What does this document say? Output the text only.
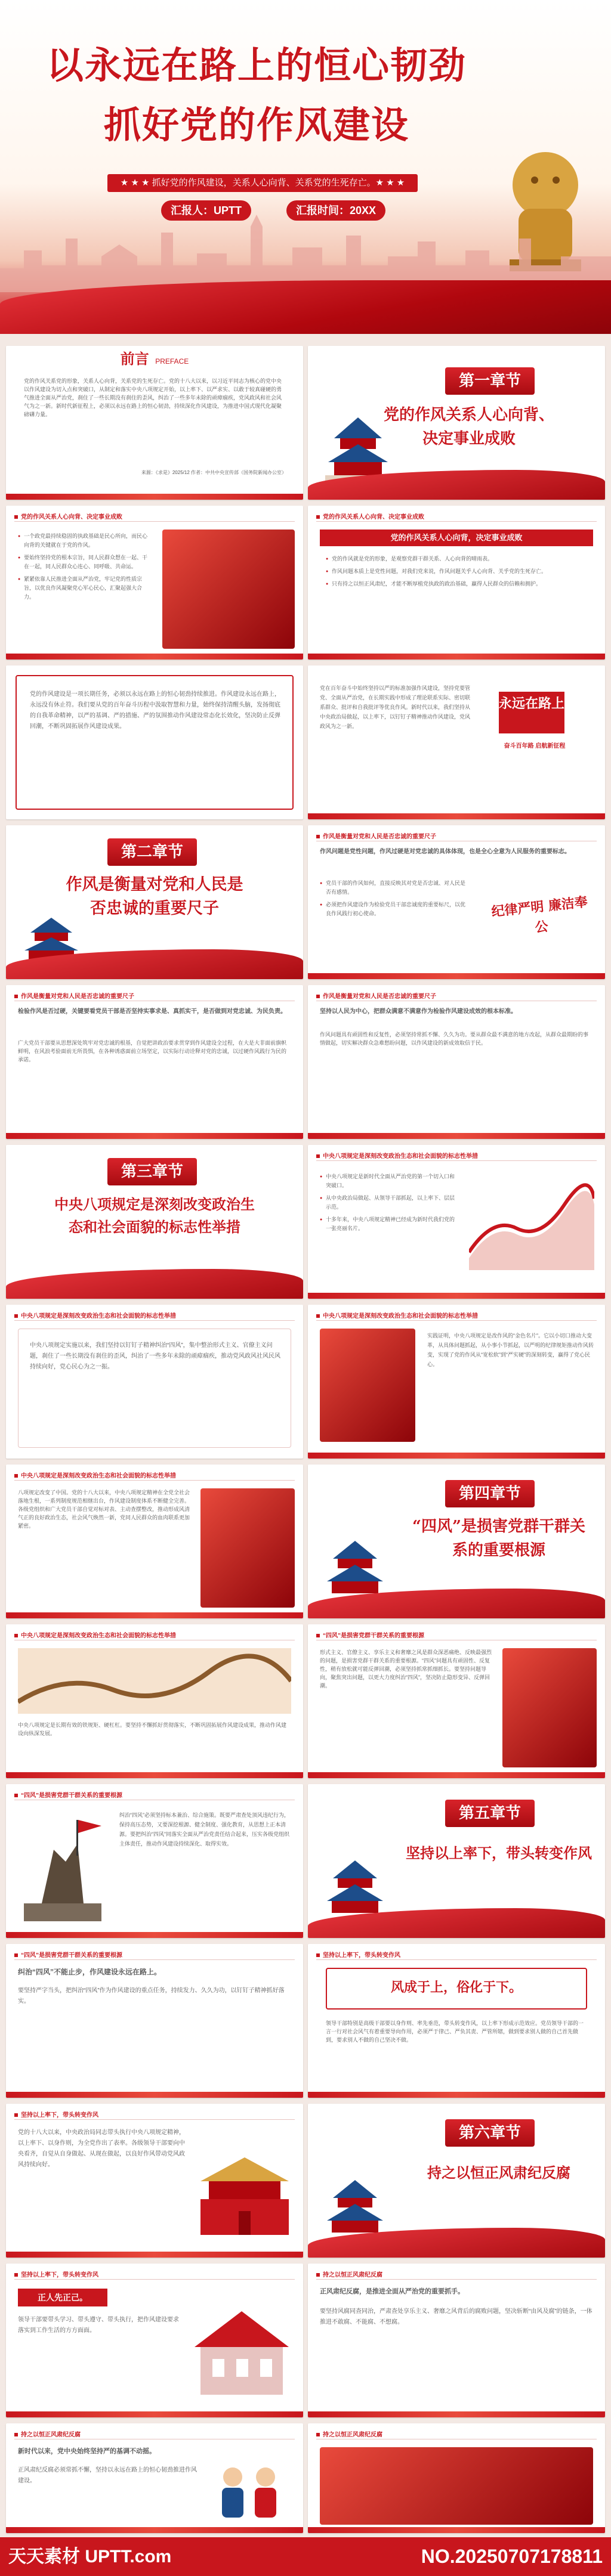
以永远在路上的恒心韧劲
抓好党的作风建设
★ ★ ★ 抓好党的作风建设，关系人心向背、关系党的生死存亡。★ ★ ★
汇报人：UPTT	汇报时间：20XX
前言 PREFACE
党的作风关系党的形象，关系人心向背，关系党的生死存亡。党的十八大以来，以习近平同志为核心的党中央以作风建设为切入点和突破口，从制定和落实中央八项规定开始，以上率下、以严求实、以敢于较真碰硬的勇气推进全面从严治党，刹住了一些长期没有刹住的歪风，纠治了一些多年未除的顽瘴痼疾，党风政风和社会风气为之一新。新时代新征程上，必须以永远在路上的恒心韧劲，持续深化作风建设，为推进中国式现代化凝聚磅礴力量。
来源：《求是》2025/12 作者：中共中央宣传部（国务院新闻办公室）
第一章节
党的作风关系人心向背、
决定事业成败
党的作风关系人心向背、决定事业成败
● 一个政党最持续稳固的执政基础是民心所向，而民心向背的关键就在于党的作风。
● 要始终坚持党的根本宗旨，同人民群众想在一起、干在一起，同人民群众心连心、同呼吸、共命运。
● 紧紧依靠人民推进全面从严治党，牢记党的性质宗旨，以优良作风凝聚党心军心民心，汇聚起强大合力。
党的作风关系人心向背、决定事业成败
党的作风关系人心向背，决定事业成败
● 党的作风就是党的形象，是观察党群干群关系、人心向背的晴雨表。
● 作风问题本质上是党性问题，对我们党来说，作风问题关乎人心向背、关乎党的生死存亡。
● 只有持之以恒正风肃纪，才能不断厚植党执政的政治基础，赢得人民群众的信赖和拥护。
党的作风建设是一项长期任务，必须以永远在路上的恒心韧劲持续推进。作风建设永远在路上，永远没有休止符。我们要从党的百年奋斗历程中汲取智慧和力量，始终保持清醒头脑，发扬彻底的自我革命精神，以严的基调、严的措施、严的氛围推动作风建设常态化长效化，坚决防止反弹回潮，不断巩固拓展作风建设成果。
党在百年奋斗中始终坚持以严的标准加强作风建设，坚持党要管党、全面从严治党，在长期实践中形成了理论联系实际、密切联系群众、批评和自我批评等优良作风。新时代以来，我们坚持从中央政治局做起，以上率下，以钉钉子精神推动作风建设，党风政风为之一新。
永远在路上
奋斗百年路 启航新征程
第二章节
作风是衡量对党和人民是
否忠诚的重要尺子
作风是衡量对党和人民是否忠诚的重要尺子
作风问题是党性问题，作风过硬是对党忠诚的具体体现，也是全心全意为人民服务的重要标志。
● 党员干部的作风如何，直接反映其对党是否忠诚、对人民是否有感情。
● 必须把作风建设作为检验党员干部忠诚度的重要标尺，以优良作风践行初心使命。	纪律严明 廉洁奉公
作风是衡量对党和人民是否忠诚的重要尺子
检验作风是否过硬，关键要看党员干部是否坚持实事求是、真抓实干，是否做到对党忠诚、为民负责。
广大党员干部要从思想深处筑牢对党忠诚的根基，自觉把讲政治要求贯穿到作风建设全过程，在大是大非面前旗帜鲜明，在风浪考验面前无所畏惧，在各种诱惑面前立场坚定，以实际行动诠释对党的忠诚，以过硬作风践行为民的承诺。
作风是衡量对党和人民是否忠诚的重要尺子
坚持以人民为中心，把群众满意不满意作为检验作风建设成效的根本标准。
作风问题具有顽固性和反复性，必须坚持常抓不懈、久久为功。要从群众最不满意的地方改起，从群众最期盼的事情做起，切实解决群众急难愁盼问题，以作风建设的新成效取信于民。
第三章节
中央八项规定是深刻改变政治生
态和社会面貌的标志性举措
中央八项规定是深刻改变政治生态和社会面貌的标志性举措
● 中央八项规定是新时代全面从严治党的第一个切入口和突破口。
● 从中央政治局做起、从领导干部抓起，以上率下、层层示范。
● 十多年来，中央八项规定精神已经成为新时代我们党的一张亮丽名片。
中央八项规定是深刻改变政治生态和社会面貌的标志性举措
中央八项规定实施以来，我们坚持以钉钉子精神纠治“四风”，集中整治形式主义、官僚主义问题，刹住了一些长期没有刹住的歪风，纠治了一些多年未除的顽瘴痼疾，推动党风政风社风民风持续向好，党心民心为之一振。
中央八项规定是深刻改变政治生态和社会面貌的标志性举措
实践证明，中央八项规定是改作风的“金色名片”。它以小切口推动大变革，从具体问题抓起，从小事小节抓起，以严明的纪律规矩推动作风转变，实现了党的作风从“宽松软”到“严实硬”的深刻转变，赢得了党心民心。
中央八项规定是深刻改变政治生态和社会面貌的标志性举措
八项规定改变了中国。党的十八大以来，中央八项规定精神在全党全社会落地生根，一系列制度规范相继出台，作风建设制度体系不断健全完善。各级党组织和广大党员干部自觉对标对表、主动查摆整改，推动形成风清气正的良好政治生态，社会风气焕然一新，党同人民群众的血肉联系更加紧密。
第四章节
“四风”是损害党群干群关
系的重要根源
中央八项规定是深刻改变政治生态和社会面貌的标志性举措
中央八项规定是长期有效的铁规矩、硬杠杠。要坚持不懈抓好贯彻落实，不断巩固拓展作风建设成果，推动作风建设向纵深发展。
“四风”是损害党群干群关系的重要根源
形式主义、官僚主义、享乐主义和奢靡之风是群众深恶痛绝、反映最强烈的问题，是损害党群干群关系的重要根源。“四风”问题具有顽固性、反复性，稍有放松就可能反弹回潮，必须坚持抓常抓细抓长。要坚持问题导向，聚焦突出问题，以更大力度纠治“四风”，坚决防止隐形变异、反弹回潮。
“四风”是损害党群干群关系的重要根源
纠治“四风”必须坚持标本兼治、综合施策。既要严肃查处顶风违纪行为，保持高压态势，又要深挖根源、健全制度、强化教育，从思想上正本清源。要把纠治“四风”同落实全面从严治党责任结合起来，压实各级党组织主体责任，推动作风建设持续深化、取得实效。
第五章节
坚持以上率下，带头转变作风
“四风”是损害党群干群关系的重要根源
纠治“四风”不能止步，作风建设永远在路上。
要坚持严字当头，把纠治“四风”作为作风建设的重点任务，持续发力、久久为功，以钉钉子精神抓好落实。
坚持以上率下，带头转变作风
风成于上，俗化于下。
领导干部特别是高级干部要以身作则、率先垂范，带头转变作风，以上率下形成示范效应。党员领导干部的一言一行对社会风气有着重要导向作用，必须严于律己、严负其责、严管所辖，做到要求别人做的自己首先做到，要求别人不做的自己坚决不做。
坚持以上率下，带头转变作风
党的十八大以来，中央政治局同志带头执行中央八项规定精神，以上率下、以身作则，为全党作出了表率。各级领导干部要向中央看齐，自觉从自身做起、从现在做起，以良好作风带动党风政风持续向好。
第六章节
持之以恒正风肃纪反腐
坚持以上率下，带头转变作风
正人先正己。
领导干部要带头学习、带头遵守、带头执行，把作风建设要求落实到工作生活的方方面面。
持之以恒正风肃纪反腐
正风肃纪反腐，是推进全面从严治党的重要抓手。
要坚持风腐同查同治，严肃查处享乐主义、奢靡之风背后的腐败问题，坚决斩断“由风及腐”的链条，一体推进不敢腐、不能腐、不想腐。
持之以恒正风肃纪反腐
新时代以来，党中央始终坚持严的基调不动摇。
正风肃纪反腐必须常抓不懈，坚持以永远在路上的恒心韧劲推进作风建设。
持之以恒正风肃纪反腐
天天素材 UPTT.com	NO.20250707178811
